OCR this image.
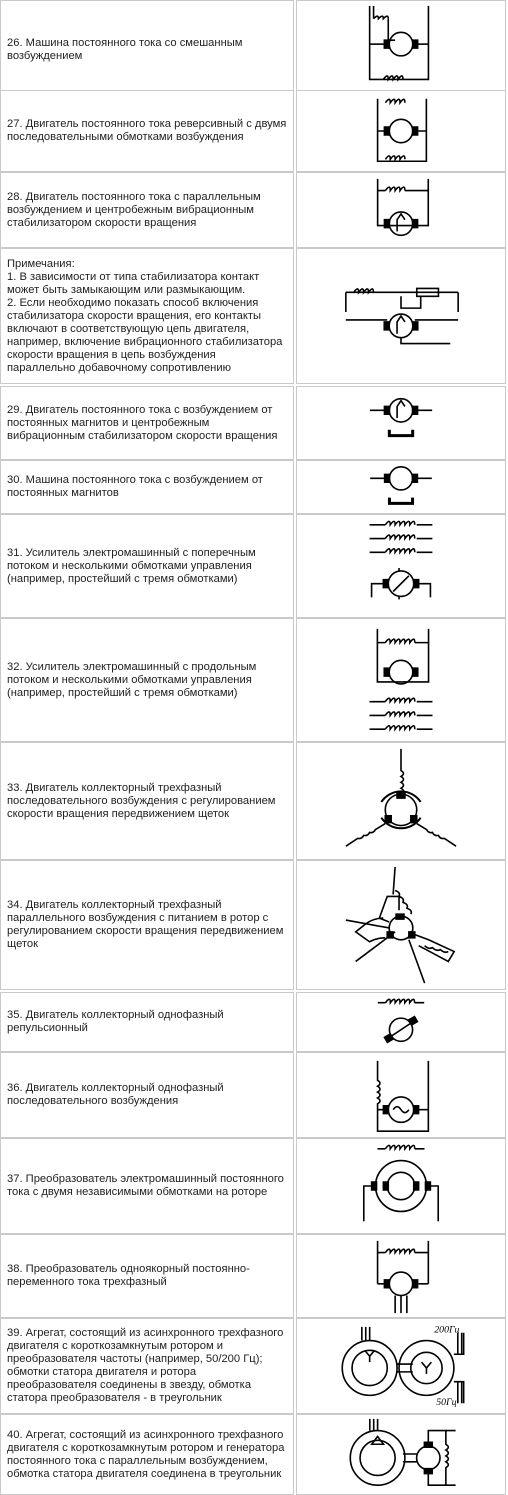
26. Машина постоянного тока со смешанным возбуждением
27. Двигатель постоянного тока реверсивный с двумя последовательными обмотками возбуждения
28. Двигатель постоянного тока с параллельным возбуждением и центробежным вибрационным стабилизатором скорости вращения
Примечания:
1. В зависимости от типа стабилизатора контакт может быть замыкающим или размыкающим.
2. Если необходимо показать способ включения стабилизатора скорости вращения, его контакты включают в соответствующую цепь двигателя, например, включение вибрационного стабилизатора скорости вращения в цепь возбуждения параллельно добавочному сопротивлению
29. Двигатель постоянного тока с возбуждением от постоянных магнитов и центробежным вибрационным стабилизатором скорости вращения
30. Машина постоянного тока с возбуждением от постоянных магнитов
31. Усилитель электромашинный с поперечным потоком и несколькими обмотками управления (например, простейший с тремя обмотками)
32. Усилитель электромашинный с продольным потоком и несколькими обмотками управления (например, простейший с тремя обмотками)
33. Двигатель коллекторный трехфазный последовательного возбуждения с регулированием скорости вращения передвижением щеток
34. Двигатель коллекторный трехфазный параллельного возбуждения с питанием в ротор с регулированием скорости вращения передвижением щеток
35. Двигатель коллекторный однофазный репульсионный
36. Двигатель коллекторный однофазный последовательного возбуждения
37. Преобразователь электромашинный постоянного тока с двумя независимыми обмотками на роторе
38. Преобразователь одноякорный постоянно-переменного тока трехфазный
39. Агрегат, состоящий из асинхронного трехфазного двигателя с короткозамкнутым ротором и преобразователя частоты (например, 50/200 Гц); обмотки статора двигателя и ротора преобразователя соединены в звезду, обмотка статора преобразователя - в треугольник
200Гц
50Гц
40. Агрегат, состоящий из асинхронного трехфазного двигателя с короткозамкнутым ротором и генератора постоянного тока с параллельным возбуждением, обмотка статора двигателя соединена в треугольник
